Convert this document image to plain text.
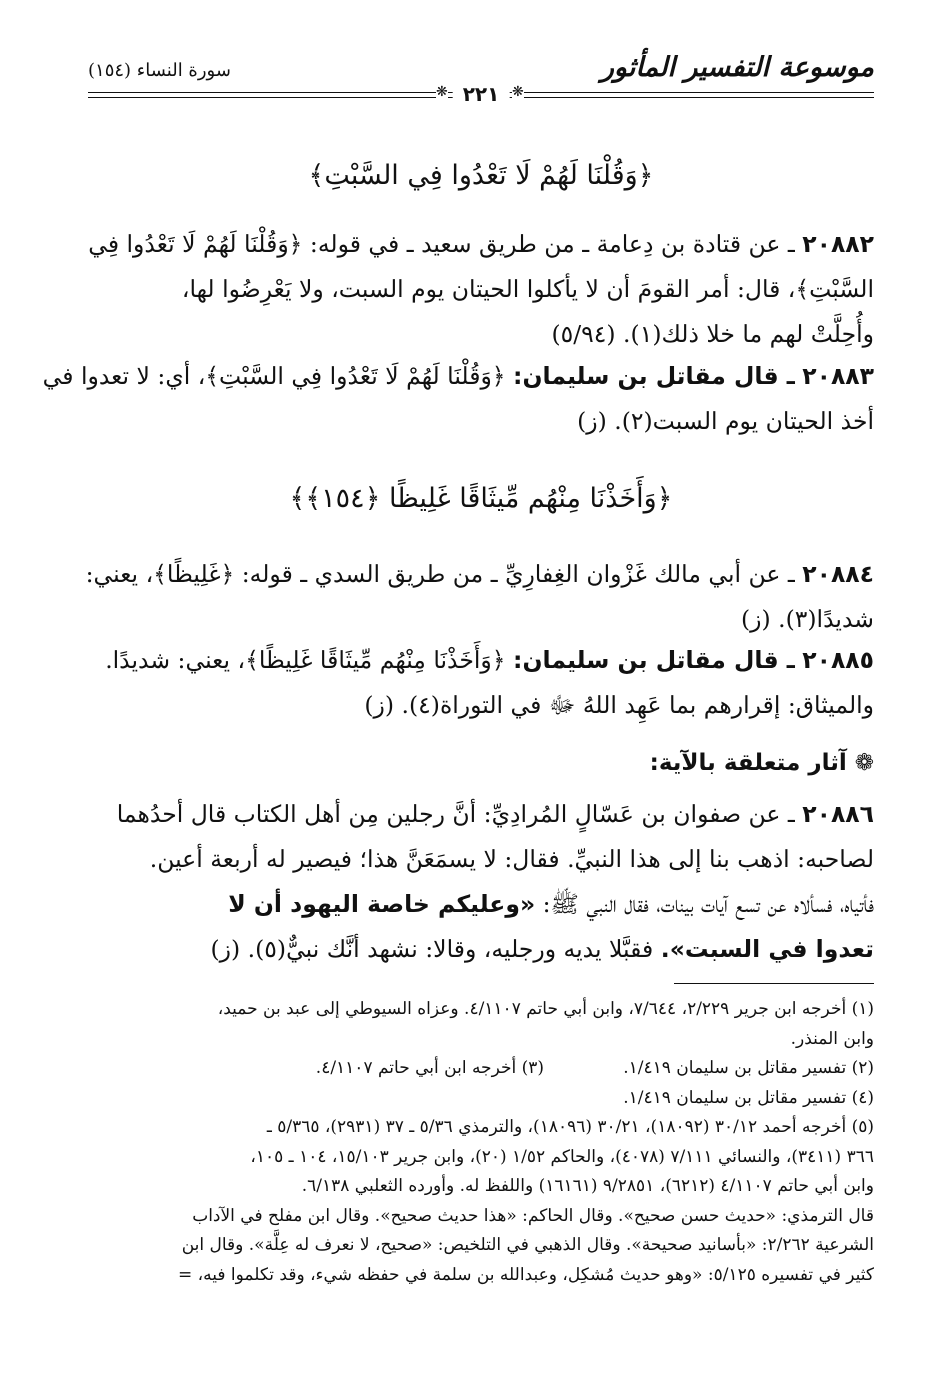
موسوعة التفسير المأثور
سورة النساء (١٥٤)
❋ ٢٢١ ❋
﴿وَقُلْنَا لَهُمْ لَا تَعْدُوا فِي السَّبْتِ﴾
٢٠٨٨٢ ـ عن قتادة بن دِعامة ـ من طريق سعيد ـ في قوله: ﴿وَقُلْنَا لَهُمْ لَا تَعْدُوا فِي
السَّبْتِ﴾، قال: أمر القومَ أن لا يأكلوا الحيتان يوم السبت، ولا يَعْرِضُوا لها،
وأُحِلَّتْ لهم ما خلا ذلك(١). (٥/٩٤)
٢٠٨٨٣ ـ قال مقاتل بن سليمان: ﴿وَقُلْنَا لَهُمْ لَا تَعْدُوا فِي السَّبْتِ﴾، أي: لا تعدوا في
أخذ الحيتان يوم السبت(٢). (ز)
﴿وَأَخَذْنَا مِنْهُم مِّيثَاقًا غَلِيظًا ﴿١٥٤﴾﴾
٢٠٨٨٤ ـ عن أبي مالك غَزْوان الغِفارِيِّ ـ من طريق السدي ـ قوله: ﴿غَلِيظًا﴾، يعني:
شديدًا(٣). (ز)
٢٠٨٨٥ ـ قال مقاتل بن سليمان: ﴿وَأَخَذْنَا مِنْهُم مِّيثَاقًا غَلِيظًا﴾، يعني: شديدًا.
والميثاق: إقرارهم بما عَهِد اللهُ ﷻ في التوراة(٤). (ز)
❁ آثار متعلقة بالآية:
٢٠٨٨٦ ـ عن صفوان بن عَسّالٍ المُرادِيِّ: أنَّ رجلين مِن أهل الكتاب قال أحدُهما
لصاحبه: اذهب بنا إلى هذا النبيِّ. فقال: لا يسمَعَنَّ هذا؛ فيصير له أربعة أعين.
فأتياه، فسألاه عن تسع آيات بينات، فقال النبي ﷺ: «وعليكم خاصة اليهود أن لا
تعدوا في السبت». فقبَّلا يديه ورجليه، وقالا: نشهد أنَّك نبيٌّ(٥). (ز)
(١) أخرجه ابن جرير ٢/٢٢٩، ٧/٦٤٤، وابن أبي حاتم ٤/١١٠٧. وعزاه السيوطي إلى عبد بن حميد،
وابن المنذر.
(٢) تفسير مقاتل بن سليمان ١/٤١٩.
(٣) أخرجه ابن أبي حاتم ٤/١١٠٧.
(٤) تفسير مقاتل بن سليمان ١/٤١٩.
(٥) أخرجه أحمد ٣٠/١٢ (١٨٠٩٢)، ٣٠/٢١ (١٨٠٩٦)، والترمذي ٥/٣٦ ـ ٣٧ (٢٩٣١)، ٥/٣٦٥ ـ
٣٦٦ (٣٤١١)، والنسائي ٧/١١١ (٤٠٧٨)، والحاكم ١/٥٢ (٢٠)، وابن جرير ١٥/١٠٣، ١٠٤ ـ ١٠٥،
وابن أبي حاتم ٤/١١٠٧ (٦٢١٢)، ٩/٢٨٥١ (١٦١٦١) واللفظ له. وأورده الثعلبي ٦/١٣٨.
قال الترمذي: «حديث حسن صحيح». وقال الحاكم: «هذا حديث صحيح». وقال ابن مفلح في الآداب
الشرعية ٢/٢٦٢: «بأسانيد صحيحة». وقال الذهبي في التلخيص: «صحيح، لا نعرف له عِلَّة». وقال ابن
كثير في تفسيره ٥/١٢٥: «وهو حديث مُشكِل، وعبدالله بن سلمة في حفظه شيء، وقد تكلموا فيه، =
